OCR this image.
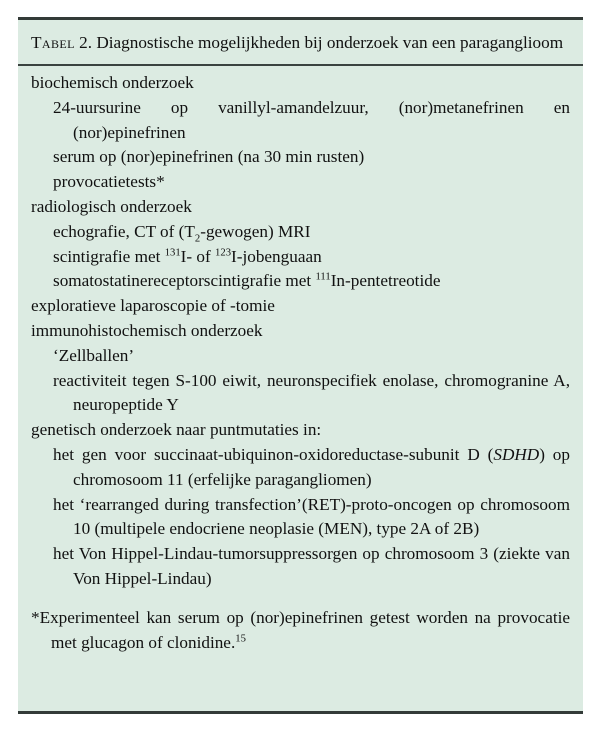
Tabel 2. Diagnostische mogelijkheden bij onderzoek van een paraganglioom
biochemisch onderzoek
24-uursurine op vanillyl-amandelzuur, (nor)metanefrinen en (nor)epinefrinen
serum op (nor)epinefrinen (na 30 min rusten)
provocatietests*
radiologisch onderzoek
echografie, CT of $(T_2-gewogen)$ MRI
scintigrafie met $^{131}$I- of $^{123}$I-jobenguaan
somatostatinereceptorscintigrafie met $^{111}$In-pentetreotide
exploratieve laparoscopie of -tomie
immunohistochemisch onderzoek
‘Zellballen’
reactiviteit tegen S-100 eiwit, neuronspecifiek enolase, chromogranine A, neuropeptide Y
genetisch onderzoek naar puntmutaties in:
het gen voor succinaat-ubiquinon-oxidoreductase-subunit D (SDHD) op chromosoom 11 (erfelijke paragangliomen)
het ‘rearranged during transfection’(RET)-proto-oncogen op chromosoom 10 (multipele endocriene neoplasie (MEN), type 2A of 2B)
het Von Hippel-Lindau-tumorsuppressorgen op chromosoom 3 (ziekte van Von Hippel-Lindau)
*Experimenteel kan serum op (nor)epinefrinen getest worden na provocatie met glucagon of clonidine.$^{15}$
